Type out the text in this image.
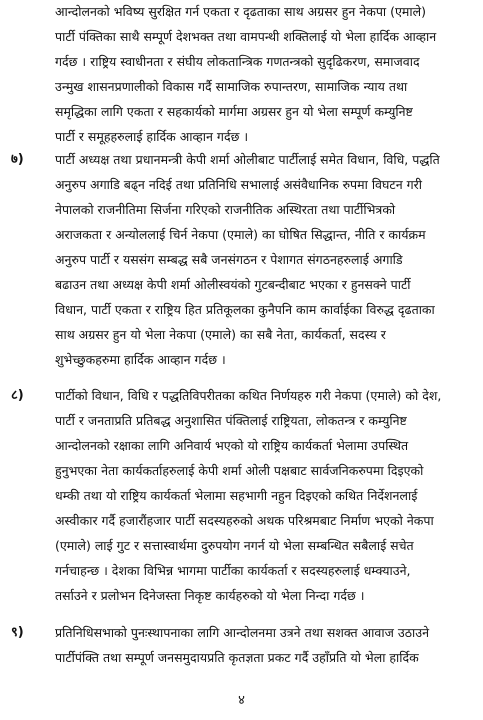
आन्दोलनको भविष्य सुरक्षित गर्न एकता र दृढताका साथ अग्रसर हुन नेकपा (एमाले)
पार्टी पंक्तिका साथै सम्पूर्ण देशभक्त तथा वामपन्थी शक्तिलाई यो भेला हार्दिक आव्हान
गर्दछ । राष्ट्रिय स्वाधीनता र संघीय लोकतान्त्रिक गणतन्त्रको सुदृढिकरण, समाजवाद
उन्मुख शासनप्रणालीको विकास गर्दै सामाजिक रुपान्तरण, सामाजिक न्याय तथा
समृद्धिका लागि एकता र सहकार्यको मार्गमा अग्रसर हुन यो भेला सम्पूर्ण कम्युनिष्ट
पार्टी र समूहहरुलाई हार्दिक आव्हान गर्दछ ।
७)	पार्टी अध्यक्ष तथा प्रधानमन्त्री केपी शर्मा ओलीबाट पार्टीलाई समेत विधान, विधि, पद्धति
अनुरुप अगाडि बढ्न नदिई तथा प्रतिनिधि सभालाई असंवैधानिक रुपमा विघटन गरी
नेपालको राजनीतिमा सिर्जना गरिएको राजनीतिक अस्थिरता तथा पार्टीभित्रको
अराजकता र अन्योललाई चिर्न नेकपा (एमाले) का घोषित सिद्धान्त, नीति र कार्यक्रम
अनुरुप पार्टी र यससंग सम्बद्ध सबै जनसंगठन र पेशागत संगठनहरुलाई अगाडि
बढाउन तथा अध्यक्ष केपी शर्मा ओलीस्वयंको गुटबन्दीबाट भएका र हुनसक्ने पार्टी
विधान, पार्टी एकता र राष्ट्रिय हित प्रतिकूलका कुनैपनि काम कार्वाईका विरुद्ध दृढताका
साथ अग्रसर हुन यो भेला नेकपा (एमाले) का सबै नेता, कार्यकर्ता, सदस्य र
शुभेच्छुकहरुमा हार्दिक आव्हान गर्दछ ।
८)	पार्टीको विधान, विधि र पद्धतिविपरीतका कथित निर्णयहरु गरी नेकपा (एमाले) को देश,
पार्टी र जनताप्रति प्रतिबद्ध अनुशासित पंक्तिलाई राष्ट्रियता, लोकतन्त्र र कम्युनिष्ट
आन्दोलनको रक्षाका लागि अनिवार्य भएको यो राष्ट्रिय कार्यकर्ता भेलामा उपस्थित
हुनुभएका नेता कार्यकर्ताहरुलाई केपी शर्मा ओली पक्षबाट सार्वजनिकरुपमा दिइएको
धम्की तथा यो राष्ट्रिय कार्यकर्ता भेलामा सहभागी नहुन दिइएको कथित निर्देशनलाई
अस्वीकार गर्दै हजारौंहजार पार्टी सदस्यहरुको अथक परिश्रमबाट निर्माण भएको नेकपा
(एमाले) लाई गुट र सत्तास्वार्थमा दुरुपयोग नगर्न यो भेला सम्बन्धित सबैलाई सचेत
गर्नचाहन्छ । देशका विभिन्न भागमा पार्टीका कार्यकर्ता र सदस्यहरुलाई धम्क्याउने,
तर्साउने र प्रलोभन दिनेजस्ता निकृष्ट कार्यहरुको यो भेला निन्दा गर्दछ ।
९)	प्रतिनिधिसभाको पुनःस्थापनाका लागि आन्दोलनमा उत्रने तथा सशक्त आवाज उठाउने
पार्टीपंक्ति तथा सम्पूर्ण जनसमुदायप्रति कृतज्ञता प्रकट गर्दै उहाँप्रति यो भेला हार्दिक
४
